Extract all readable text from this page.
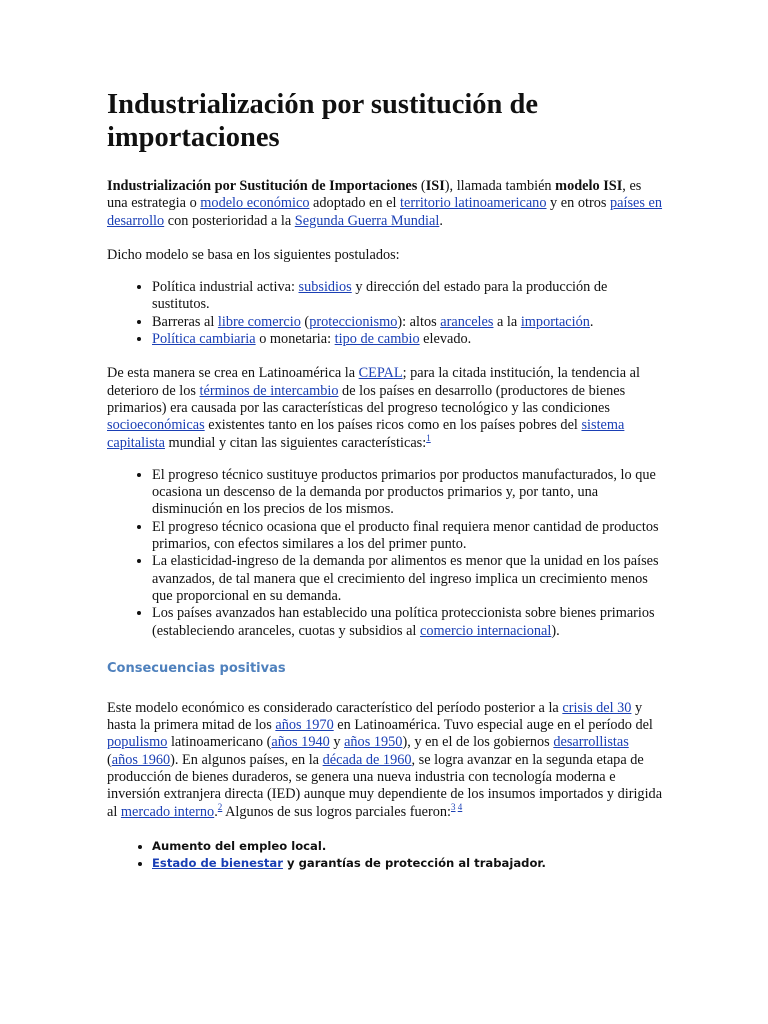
Industrialización por sustitución de importaciones

Industrialización por Sustitución de Importaciones (ISI), llamada también modelo ISI, es una estrategia o modelo económico adoptado en el territorio latinoamericano y en otros países en desarrollo con posterioridad a la Segunda Guerra Mundial.

Dicho modelo se basa en los siguientes postulados:

• Política industrial activa: subsidios y dirección del estado para la producción de sustitutos.
• Barreras al libre comercio (proteccionismo): altos aranceles a la importación.
• Política cambiaria o monetaria: tipo de cambio elevado.

De esta manera se crea en Latinoamérica la CEPAL; para la citada institución, la tendencia al deterioro de los términos de intercambio de los países en desarrollo (productores de bienes primarios) era causada por las características del progreso tecnológico y las condiciones socioeconómicas existentes tanto en los países ricos como en los países pobres del sistema capitalista mundial y citan las siguientes características:$^1$

• El progreso técnico sustituye productos primarios por productos manufacturados, lo que ocasiona un descenso de la demanda por productos primarios y, por tanto, una disminución en los precios de los mismos.
• El progreso técnico ocasiona que el producto final requiera menor cantidad de productos primarios, con efectos similares a los del primer punto.
• La elasticidad-ingreso de la demanda por alimentos es menor que la unidad en los países avanzados, de tal manera que el crecimiento del ingreso implica un crecimiento menos que proporcional en su demanda.
• Los países avanzados han establecido una política proteccionista sobre bienes primarios (estableciendo aranceles, cuotas y subsidios al comercio internacional).
Consecuencias positivas

Este modelo económico es considerado característico del período posterior a la crisis del 30 y hasta la primera mitad de los años 1970 en Latinoamérica. Tuvo especial auge en el período del populismo latinoamericano (años 1940 y años 1950), y en el de los gobiernos desarrollistas (años 1960). En algunos países, en la década de 1960, se logra avanzar en la segunda etapa de producción de bienes duraderos, se genera una nueva industria con tecnología moderna e inversión extranjera directa (IED) aunque muy dependiente de los insumos importados y dirigida al mercado interno.$^2$ Algunos de sus logros parciales fueron:$^{3 4}$

• Aumento del empleo local.
• Estado de bienestar y garantías de protección al trabajador.
